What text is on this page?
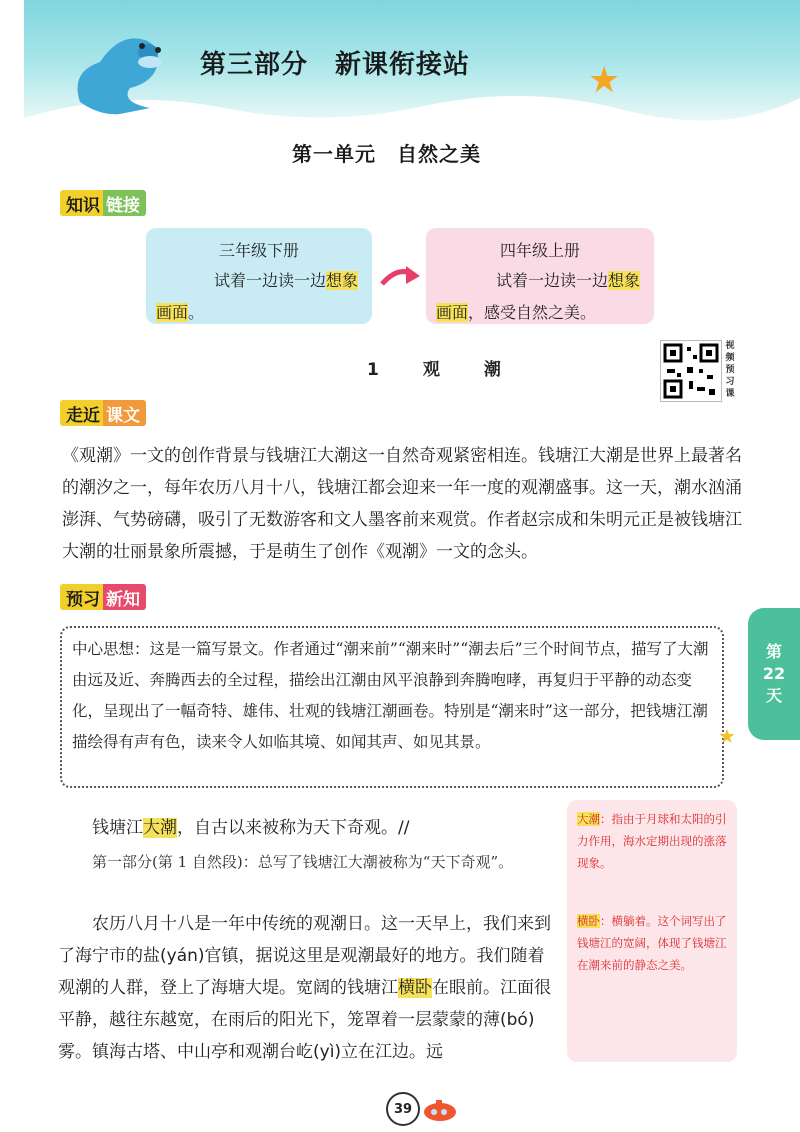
第三部分　新课衔接站	★
第一单元　自然之美
知识 链接
三年级下册
试着一边读一边想象
画面。
四年级上册
试着一边读一边想象
画面，感受自然之美。
1	观	潮
视频预习课
走近 课文
《观潮》一文的创作背景与钱塘江大潮这一自然奇观紧密相连。钱塘江大潮是世界上最著名的潮汐之一，每年农历八月十八，钱塘江都会迎来一年一度的观潮盛事。这一天，潮水汹涌澎湃、气势磅礴，吸引了无数游客和文人墨客前来观赏。作者赵宗成和朱明元正是被钱塘江大潮的壮丽景象所震撼，于是萌生了创作《观潮》一文的念头。
预习 新知
中心思想：这是一篇写景文。作者通过“潮来前”“潮来时”“潮去后”三个时间节点，描写了大潮由远及近、奔腾西去的全过程，描绘出江潮由风平浪静到奔腾咆哮，再复归于平静的动态变化，呈现出了一幅奇特、雄伟、壮观的钱塘江潮画卷。特别是“潮来时”这一部分，把钱塘江潮描绘得有声有色，读来令人如临其境、如闻其声、如见其景。	★
第22天
钱塘江大潮，自古以来被称为天下奇观。//
第一部分(第 1 自然段)：总写了钱塘江大潮被称为“天下奇观”。
农历八月十八是一年中传统的观潮日。这一天早上，我们来到了海宁市的盐(yán)官镇，据说这里是观潮最好的地方。我们随着观潮的人群，登上了海塘大堤。宽阔的钱塘江横卧在眼前。江面很平静，越往东越宽，在雨后的阳光下，笼罩着一层蒙蒙的薄(bó)雾。镇海古塔、中山亭和观潮台屹(yì)立在江边。远
大潮：指由于月球和太阳的引力作用，海水定期出现的涨落现象。
横卧：横躺着。这个词写出了钱塘江的宽阔，体现了钱塘江在潮来前的静态之美。
39
